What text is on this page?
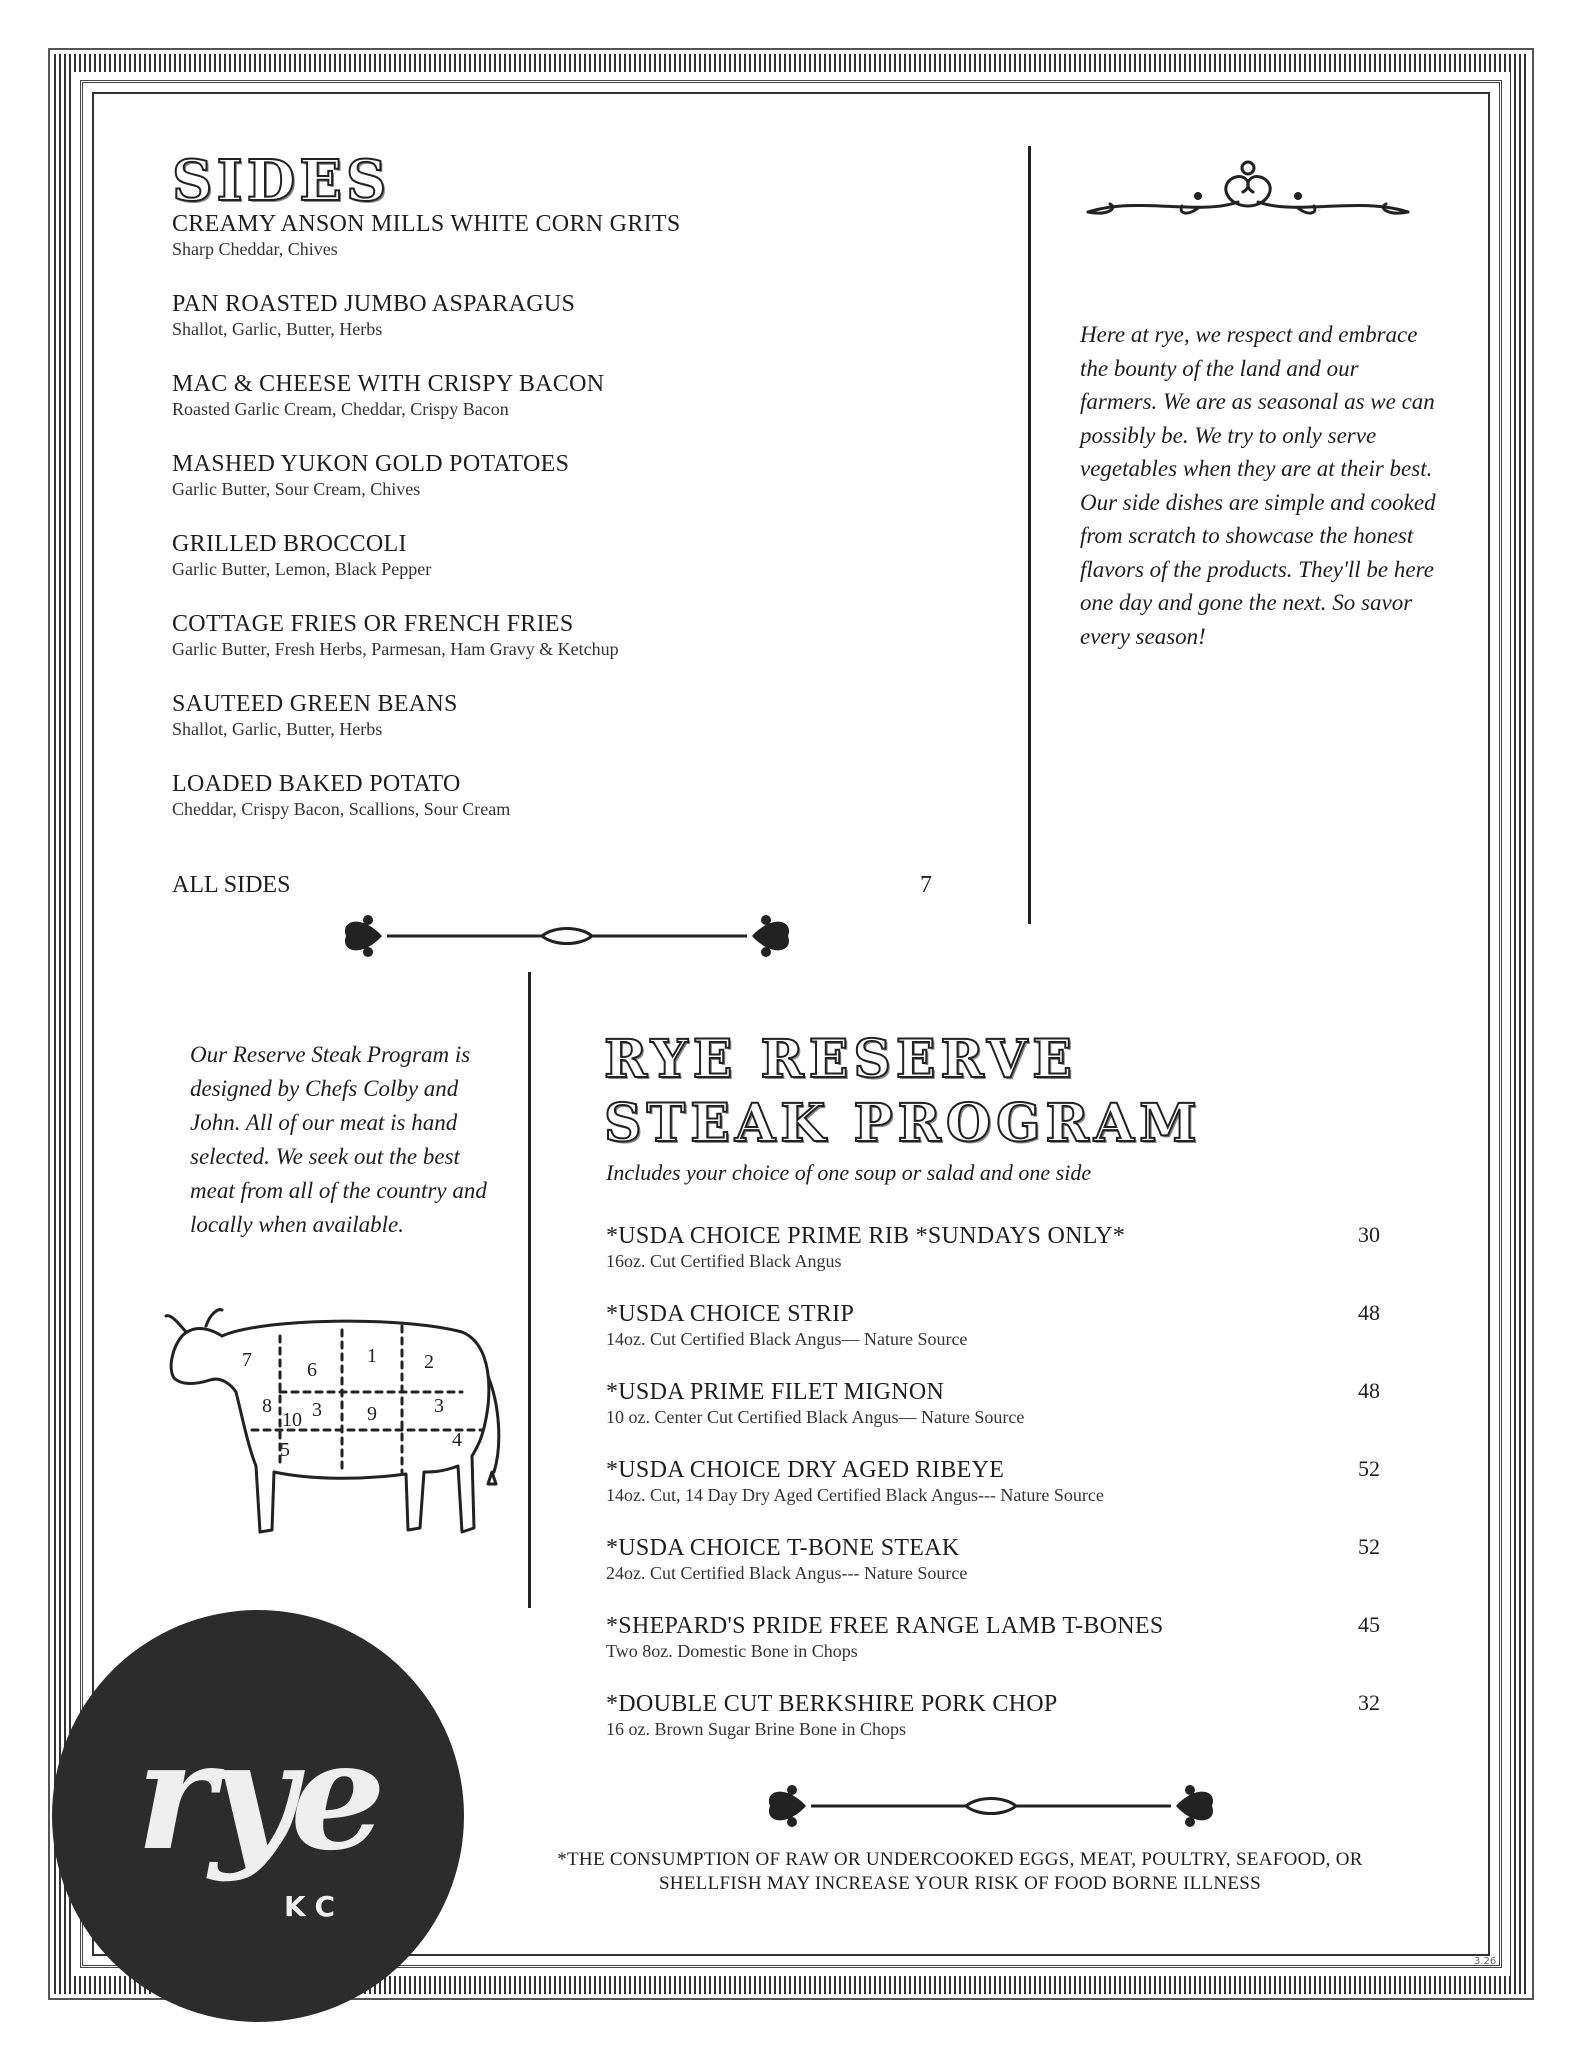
SIDES
CREAMY ANSON MILLS WHITE CORN GRITS
Sharp Cheddar, Chives
PAN ROASTED JUMBO ASPARAGUS
Shallot, Garlic, Butter, Herbs
MAC & CHEESE WITH CRISPY BACON
Roasted Garlic Cream, Cheddar, Crispy Bacon
MASHED YUKON GOLD POTATOES
Garlic Butter, Sour Cream, Chives
GRILLED BROCCOLI
Garlic Butter, Lemon, Black Pepper
COTTAGE FRIES OR FRENCH FRIES
Garlic Butter, Fresh Herbs, Parmesan, Ham Gravy & Ketchup
SAUTEED GREEN BEANS
Shallot, Garlic, Butter, Herbs
LOADED BAKED POTATO
Cheddar, Crispy Bacon, Scallions, Sour Cream
ALL SIDES	7
Here at rye, we respect and embrace the bounty of the land and our farmers. We are as seasonal as we can possibly be. We try to only serve vegetables when they are at their best. Our side dishes are simple and cooked from scratch to showcase the honest flavors of the products. They'll be here one day and gone the next. So savor every season!
Our Reserve Steak Program is designed by Chefs Colby and John. All of our meat is hand selected. We seek out the best meat from all of the country and locally when available.
7	6
1 2
8
10 3 9	3
5	4
RYE RESERVE
STEAK PROGRAM
Includes your choice of one soup or salad and one side
*USDA CHOICE PRIME RIB *SUNDAYS ONLY*
16oz. Cut Certified Black Angus
30
*USDA CHOICE STRIP
14oz. Cut Certified Black Angus— Nature Source
48
*USDA PRIME FILET MIGNON
10 oz. Center Cut Certified Black Angus— Nature Source
48
*USDA CHOICE DRY AGED RIBEYE
14oz. Cut, 14 Day Dry Aged Certified Black Angus--- Nature Source
52
*USDA CHOICE T-BONE STEAK
24oz. Cut Certified Black Angus--- Nature Source
52
*SHEPARD'S PRIDE FREE RANGE LAMB T-BONES
Two 8oz. Domestic Bone in Chops
45
*DOUBLE CUT BERKSHIRE PORK CHOP
16 oz. Brown Sugar Brine Bone in Chops
32
*THE CONSUMPTION OF RAW OR UNDERCOOKED EGGS, MEAT, POULTRY, SEAFOOD, OR
SHELLFISH MAY INCREASE YOUR RISK OF FOOD BORNE ILLNESS
rye
KC
3.26
